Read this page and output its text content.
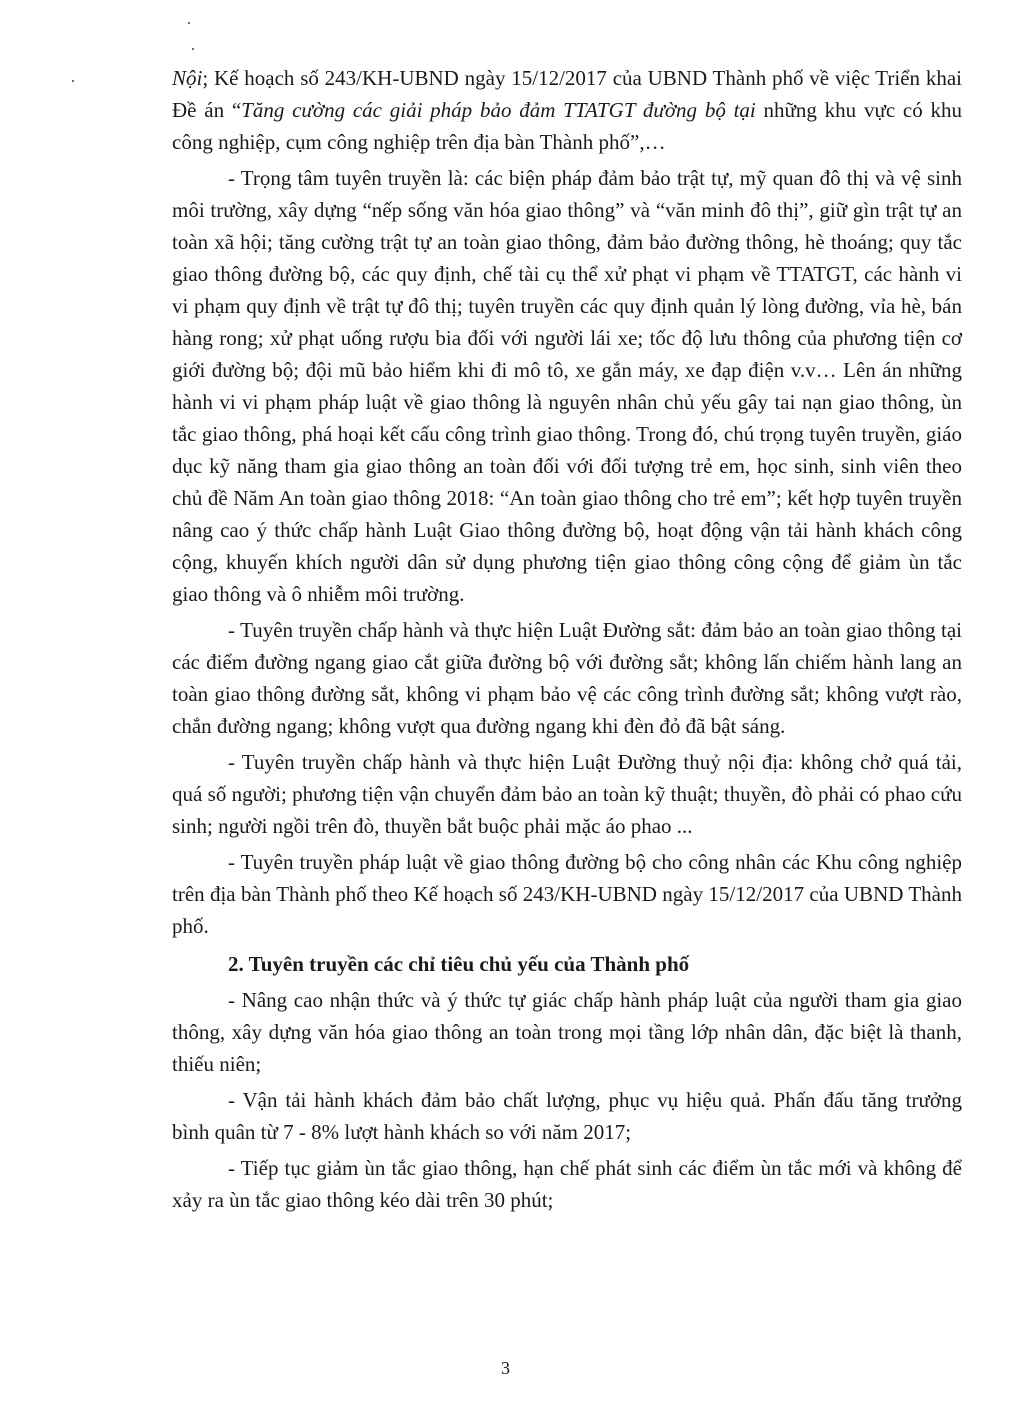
Nội; Kế hoạch số 243/KH-UBND ngày 15/12/2017 của UBND Thành phố về việc Triển khai Đề án “Tăng cường các giải pháp bảo đảm TTATGT đường bộ tại những khu vực có khu công nghiệp, cụm công nghiệp trên địa bàn Thành phố”,…

- Trọng tâm tuyên truyền là: các biện pháp đảm bảo trật tự, mỹ quan đô thị và vệ sinh môi trường, xây dựng “nếp sống văn hóa giao thông” và “văn minh đô thị”, giữ gìn trật tự an toàn xã hội; tăng cường trật tự an toàn giao thông, đảm bảo đường thông, hè thoáng; quy tắc giao thông đường bộ, các quy định, chế tài cụ thể xử phạt vi phạm về TTATGT, các hành vi vi phạm quy định về trật tự đô thị; tuyên truyền các quy định quản lý lòng đường, vỉa hè, bán hàng rong; xử phạt uống rượu bia đối với người lái xe; tốc độ lưu thông của phương tiện cơ giới đường bộ; đội mũ bảo hiểm khi đi mô tô, xe gắn máy, xe đạp điện v.v… Lên án những hành vi vi phạm pháp luật về giao thông là nguyên nhân chủ yếu gây tai nạn giao thông, ùn tắc giao thông, phá hoại kết cấu công trình giao thông. Trong đó, chú trọng tuyên truyền, giáo dục kỹ năng tham gia giao thông an toàn đối với đối tượng trẻ em, học sinh, sinh viên theo chủ đề Năm An toàn giao thông 2018: “An toàn giao thông cho trẻ em”; kết hợp tuyên truyền nâng cao ý thức chấp hành Luật Giao thông đường bộ, hoạt động vận tải hành khách công cộng, khuyến khích người dân sử dụng phương tiện giao thông công cộng để giảm ùn tắc giao thông và ô nhiễm môi trường.

- Tuyên truyền chấp hành và thực hiện Luật Đường sắt: đảm bảo an toàn giao thông tại các điểm đường ngang giao cắt giữa đường bộ với đường sắt; không lấn chiếm hành lang an toàn giao thông đường sắt, không vi phạm bảo vệ các công trình đường sắt; không vượt rào, chắn đường ngang; không vượt qua đường ngang khi đèn đỏ đã bật sáng.

- Tuyên truyền chấp hành và thực hiện Luật Đường thuỷ nội địa: không chở quá tải, quá số người; phương tiện vận chuyển đảm bảo an toàn kỹ thuật; thuyền, đò phải có phao cứu sinh; người ngồi trên đò, thuyền bắt buộc phải mặc áo phao ...

- Tuyên truyền pháp luật về giao thông đường bộ cho công nhân các Khu công nghiệp trên địa bàn Thành phố theo Kế hoạch số 243/KH-UBND ngày 15/12/2017 của UBND Thành phố.

2. Tuyên truyền các chỉ tiêu chủ yếu của Thành phố

- Nâng cao nhận thức và ý thức tự giác chấp hành pháp luật của người tham gia giao thông, xây dựng văn hóa giao thông an toàn trong mọi tầng lớp nhân dân, đặc biệt là thanh, thiếu niên;

- Vận tải hành khách đảm bảo chất lượng, phục vụ hiệu quả. Phấn đấu tăng trưởng bình quân từ 7 - 8% lượt hành khách so với năm 2017;

- Tiếp tục giảm ùn tắc giao thông, hạn chế phát sinh các điểm ùn tắc mới và không để xảy ra ùn tắc giao thông kéo dài trên 30 phút;

3
